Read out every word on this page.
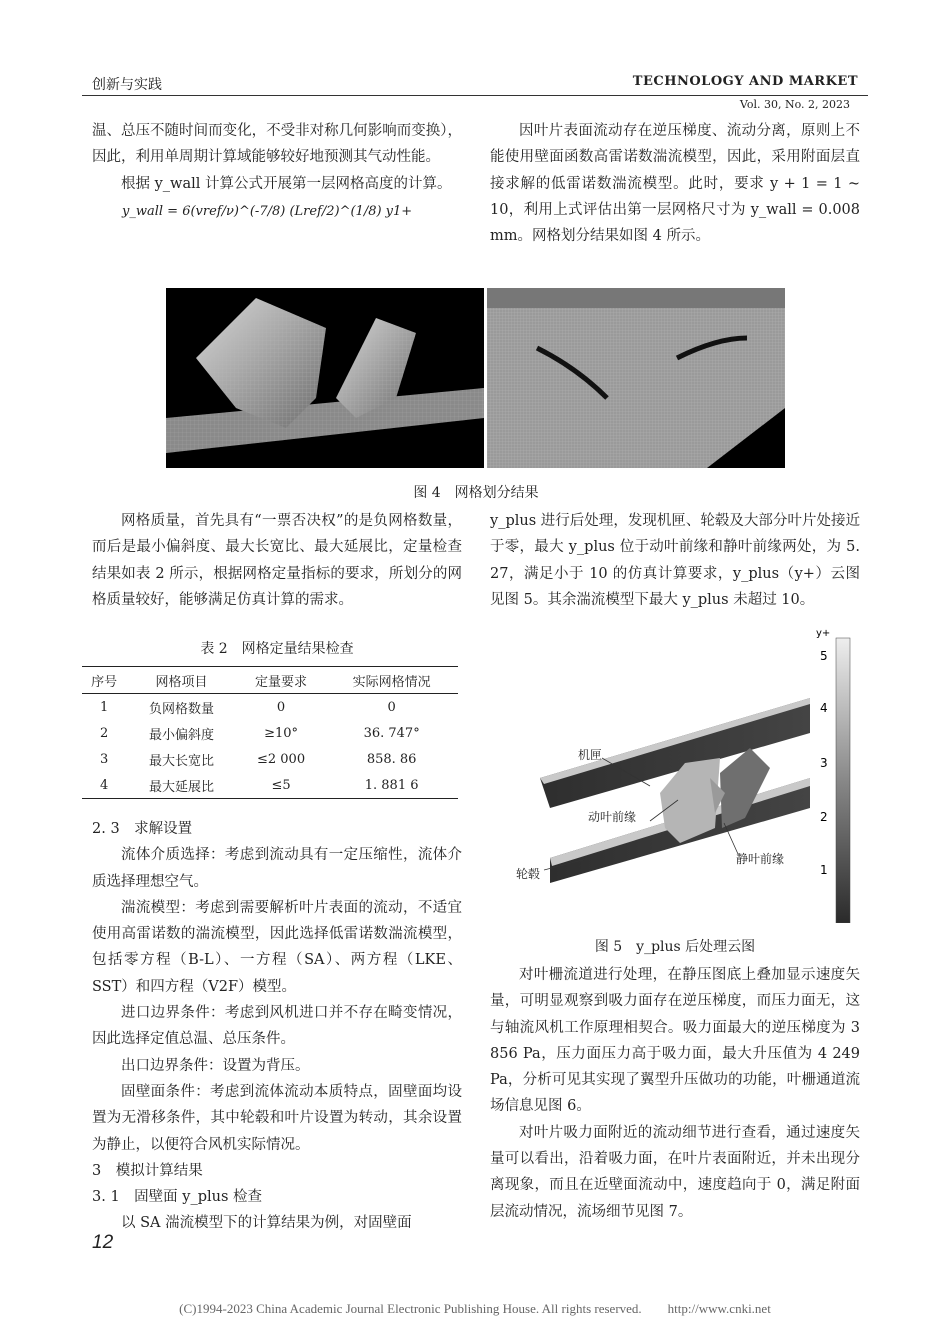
创新与实践	TECHNOLOGY AND MARKET
Vol. 30, No. 2, 2023

温、总压不随时间而变化，不受非对称几何影响而变换），因此，利用单周期计算域能够较好地预测其气动性能。

根据 y_wall 计算公式开展第一层网格高度的计算。

y_wall = 6(vref/ν)^(-7/8) (Lref/2)^(1/8) y1+

因叶片表面流动存在逆压梯度、流动分离，原则上不能使用壁面函数高雷诺数湍流模型，因此，采用附面层直接求解的低雷诺数湍流模型。此时，要求 y + 1 = 1 ~ 10，利用上式评估出第一层网格尺寸为 y_wall = 0.008 mm。网格划分结果如图 4 所示。

图 4　网格划分结果

网格质量，首先具有“一票否决权”的是负网格数量，而后是最小偏斜度、最大长宽比、最大延展比，定量检查结果如表 2 所示，根据网格定量指标的要求，所划分的网格质量较好，能够满足仿真计算的需求。

表 2　网格定量结果检查
序号	网格项目	定量要求	实际网格情况
1	负网格数量	0	0
2	最小偏斜度	≥10°	36. 747°
3	最大长宽比	≤2 000	858. 86
4	最大延展比	≤5	1. 881 6

2. 3　求解设置

流体介质选择：考虑到流动具有一定压缩性，流体介质选择理想空气。

湍流模型：考虑到需要解析叶片表面的流动，不适宜使用高雷诺数的湍流模型，因此选择低雷诺数湍流模型，包括零方程（B-L）、一方程（SA）、两方程（LKE、SST）和四方程（V2F）模型。

进口边界条件：考虑到风机进口并不存在畸变情况，因此选择定值总温、总压条件。

出口边界条件：设置为背压。

固壁面条件：考虑到流体流动本质特点，固壁面均设置为无滑移条件，其中轮毂和叶片设置为转动，其余设置为静止，以便符合风机实际情况。

3　模拟计算结果

3. 1　固壁面 y_plus 检查

以 SA 湍流模型下的计算结果为例，对固壁面

y_plus 进行后处理，发现机匣、轮毂及大部分叶片处接近于零，最大 y_plus 位于动叶前缘和静叶前缘两处，为 5. 27，满足小于 10 的仿真计算要求，y_plus（y+）云图见图 5。其余湍流模型下最大 y_plus 未超过 10。

y+
5
4
3
2
1
机匣
动叶前缘
静叶前缘
轮毂
图 5　y_plus 后处理云图

对叶栅流道进行处理，在静压图底上叠加显示速度矢量，可明显观察到吸力面存在逆压梯度，而压力面无，这与轴流风机工作原理相契合。吸力面最大的逆压梯度为 3 856 Pa，压力面压力高于吸力面，最大升压值为 4 249 Pa，分析可见其实现了翼型升压做功的功能，叶栅通道流场信息见图 6。

对叶片吸力面附近的流动细节进行查看，通过速度矢量可以看出，沿着吸力面，在叶片表面附近，并未出现分离现象，而且在近壁面流动中，速度趋向于 0，满足附面层流动情况，流场细节见图 7。

12
(C)1994-2023 China Academic Journal Electronic Publishing House. All rights reserved.　　http://www.cnki.net
